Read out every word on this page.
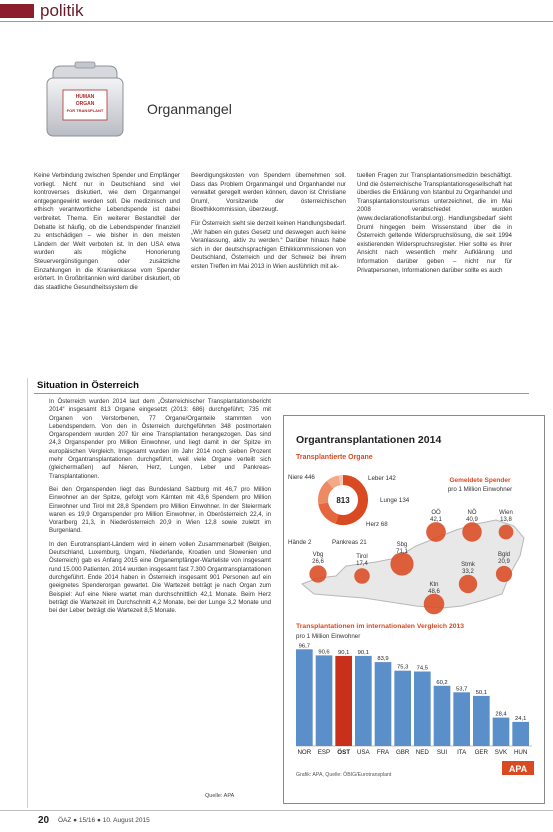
politik
HUMAN
ORGAN
FOR TRANSPLANT	Organmangel

Keine Verbindung zwischen Spender und Empfänger vorliegt. Nicht nur in Deutschland sind viel kontroverses diskutiert, wie dem Organmangel entgegengewirkt werden soll. Die medizinisch und ethisch verantwortliche Lebendspende ist dabei verbreitet. Thema. Ein weiterer Bestandteil der Debatte ist häufig, ob die Lebendspender finanziell zu entschädigen – wie bisher in den meisten Ländern der Welt verboten ist. In den USA etwa wurden als mögliche Honorierung Steuervergünstigungen oder zusätzliche Einzahlungen in die Krankenkasse vom Spender erörtert. In Großbritannien wird darüber diskutiert, ob das staatliche Gesundheitssystem die

Beerdigungskosten von Spendern übernehmen soll. Dass das Problem Organmangel und Organhandel nur verwaltet geregelt werden können, davon ist Christiane Druml, Vorsitzende der österreichischen Bioethikkommission, überzeugt.

Für Österreich sieht sie derzeit keinen Handlungsbedarf. „Wir haben ein gutes Gesetz und deswegen auch keine Veranlassung, aktiv zu werden.“ Darüber hinaus habe sich in der deutschsprachigen Ethikkommissionen von Deutschland, Österreich und der Schweiz bei ihrem ersten Treffen im Mai 2013 in Wien ausführlich mit ak-

tuellen Fragen zur Transplantationsmedizin beschäftigt. Und die österreichische Transplantationsgesellschaft hat überdies die Erklärung von Istanbul zu Organhandel und Transplantationstourismus unterzeichnet, die im Mai 2008 verabschiedet wurden (www.declarationofistanbul.org). Handlungsbedarf sieht Druml hingegen beim Wissenstand über die in Österreich geltende Widerspruchslösung, die seit 1994 existierenden Widerspruchsregister. Hier sollte es ihrer Ansicht nach wesentlich mehr Aufklärung und Information darüber geben – nicht nur für Privatpersonen, Informationen darüber sollte es auch

Situation in Österreich

In Österreich wurden 2014 laut dem „Österreichischer Transplantationsbericht 2014“ insgesamt 813 Organe eingesetzt (2013: 686) durchgeführt; 735 mit Organen von Verstorbenen, 77 Organe/Organteile stammten von Lebendspendern. Von den in Österreich durchgeführten 348 postmortalen Organspendern wurden 207 für eine Transplantation herangezogen. Das sind 24,3 Organspender pro Million Einwohner, und liegt damit in der Spitze im europäischen Vergleich. Insgesamt wurden im Jahr 2014 noch sieben Prozent mehr Organtransplantationen durchgeführt, weil viele Organe verteilt sich (gleichermaßen) auf Nieren, Herz, Lungen, Leber und Pankreas-Transplantationen.

Bei den Organspenden liegt das Bundesland Salzburg mit 46,7 pro Million Einwohner an der Spitze, gefolgt vom Kärnten mit 43,6 Spendern pro Million Einwohner und Tirol mit 28,8 Spendern pro Million Einwohner. In der Steiermark waren es 19,9 Organspender pro Million Einwohner, in Oberösterreich 22,4, in Vorarlberg 21,3, in Niederösterreich 20,9 in Wien 12,8 sowie zuletzt im Burgenland.

In den Eurotransplant-Ländern wird in einem vollen Zusammenarbeit (Belgien, Deutschland, Luxemburg, Ungarn, Niederlande, Kroatien und Slowenien und Österreich) gab es Anfang 2015 eine Organempfänger-Warteliste von insgesamt rund 15.000 Patienten. 2014 wurden insgesamt fast 7.300 Organtransplantationen durchgeführt. Ende 2014 haben in Österreich insgesamt 901 Personen auf ein geeignetes Spenderorgan gewartet. Die Wartezeit beträgt je nach Organ zum Beispiel: Auf eine Niere wartet man durchschnittlich 42,1 Monate. Beim Herz beträgt die Wartezeit im Durchschnitt 4,2 Monate, bei der Lunge 3,2 Monate und bei der Leber beträgt die Wartezeit 8,5 Monate.

Quelle: APA
Organtransplantationen 2014
Transplantierte Organe
813
Niere 446	Leber 142
Lunge 134
Herz 68
Pankreas 21
Hände 2
Gemeldete Spender
pro 1 Million Einwohner
OÖ
42,1
NÖ
40,9
Wien
13,8
Vbg
26,6
Tirol
17,4
Sbg
71,1
Stmk
33,2
Bgld
20,9
Ktn
48,6
Transplantationen im internationalen Vergleich 2013
pro 1 Million Einwohner
96,7
NOR
90,6
ESP
90,1
ÖST
90,1
USA
83,9
FRA
75,3
GBR
74,5
NED
60,2
SUI
53,7
ITA
50,1
GER
28,4
SVK
24,1
HUN
Grafik: APA, Quelle: ÖBIG/Eurotransplant
APA
20 ÖAZ ● 15/16 ● 10. August 2015
